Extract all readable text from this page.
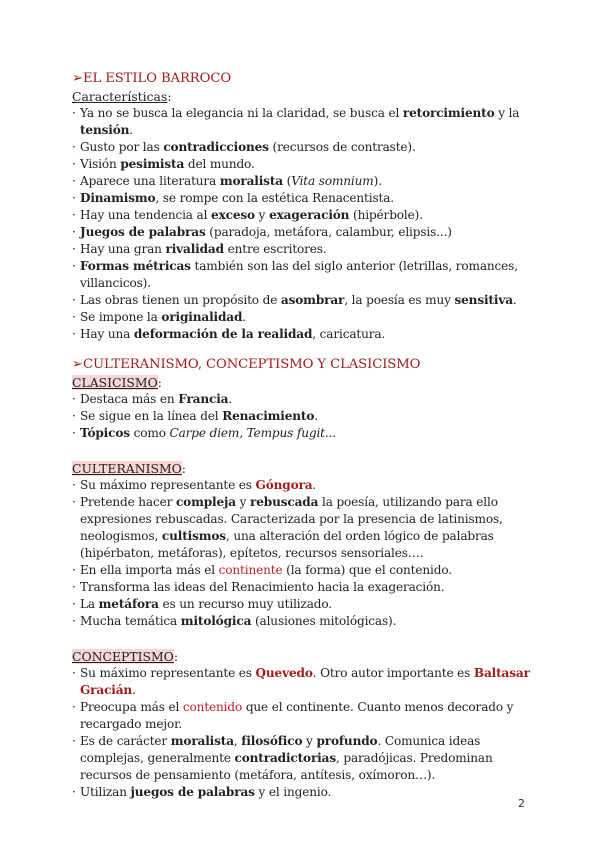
➢EL ESTILO BARROCO

Características:

· Ya no se busca la elegancia ni la claridad, se busca el retorcimiento y la tensión.
· Gusto por las contradicciones (recursos de contraste).
· Visión pesimista del mundo.
· Aparece una literatura moralista (Vita somnium).
· Dinamismo, se rompe con la estética Renacentista.
· Hay una tendencia al exceso y exageración (hipérbole).
· Juegos de palabras (paradoja, metáfora, calambur, elipsis...)
· Hay una gran rivalidad entre escritores.
· Formas métricas también son las del siglo anterior (letrillas, romances, villancicos).
· Las obras tienen un propósito de asombrar, la poesía es muy sensitiva.
· Se impone la originalidad.
· Hay una deformación de la realidad, caricatura.
➢CULTERANISMO, CONCEPTISMO Y CLASICISMO

CLASICISMO:

· Destaca más en Francia.
· Se sigue en la línea del Renacimiento.
· Tópicos como Carpe diem, Tempus fugit...

CULTERANISMO:

· Su máximo representante es Góngora.
· Pretende hacer compleja y rebuscada la poesía, utilizando para ello expresiones rebuscadas. Caracterizada por la presencia de latinismos, neologismos, cultismos, una alteración del orden lógico de palabras (hipérbaton, metáforas), epítetos, recursos sensoriales….
· En ella importa más el continente (la forma) que el contenido.
· Transforma las ideas del Renacimiento hacia la exageración.
· La metáfora es un recurso muy utilizado.
· Mucha temática mitológica (alusiones mitológicas).

CONCEPTISMO:

· Su máximo representante es Quevedo. Otro autor importante es Baltasar Gracián.
· Preocupa más el contenido que el continente. Cuanto menos decorado y recargado mejor.
· Es de carácter moralista, filosófico y profundo. Comunica ideas complejas, generalmente contradictorias, paradójicas. Predominan recursos de pensamiento (metáfora, antítesis, oxímoron…).
· Utilizan juegos de palabras y el ingenio.
2
